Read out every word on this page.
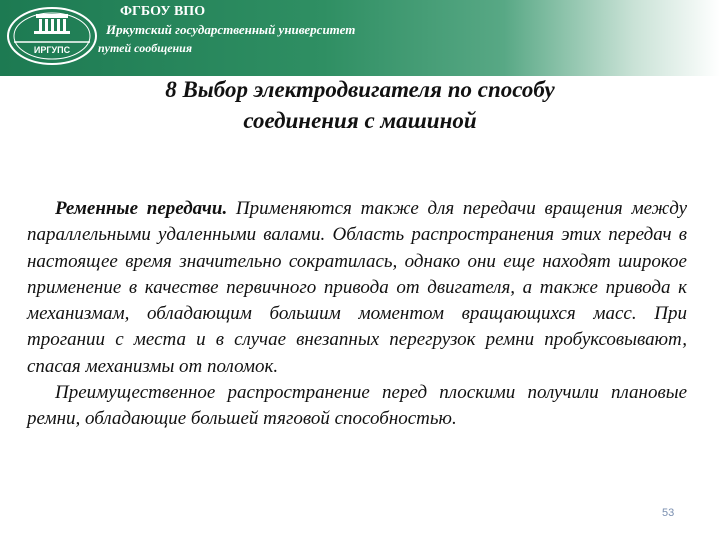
ИРГУПС
ФГБОУ ВПО
Иркутский государственный университет
путей сообщения
8 Выбор электродвигателя по способу
соединения с машиной

Ременные передачи. Применяются также для передачи вращения между параллельными удаленными валами. Область распространения этих передач в настоящее время значительно сократилась, однако они еще находят широкое применение в качестве первичного привода от двигателя, а также привода к механизмам, обладающим большим моментом вращающихся масс. При трогании с места и в случае внезапных перегрузок ремни пробуксовывают, спасая механизмы от поломок.

Преимущественное распространение перед плоскими получили плановые ремни, обладающие большей тяговой способностью.

53
